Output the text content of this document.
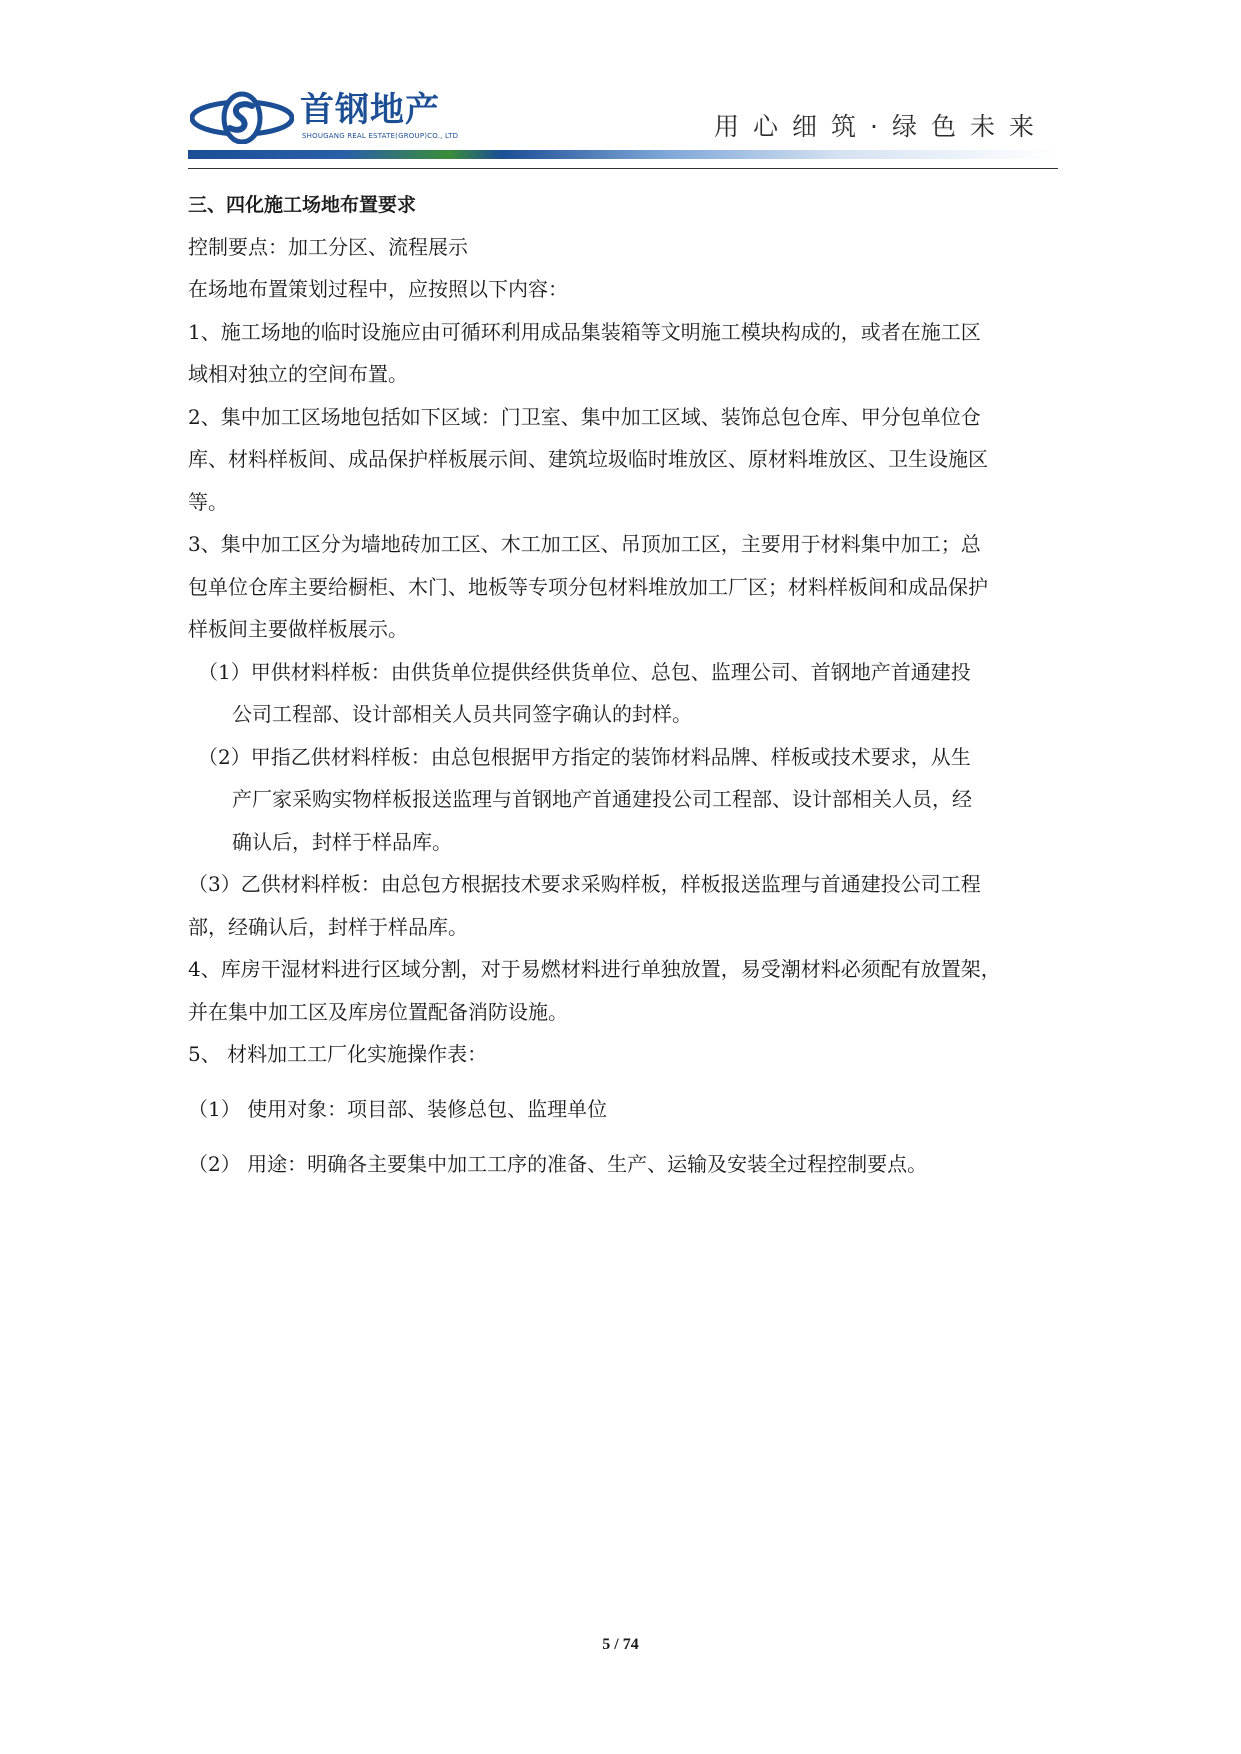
首钢地产
SHOUGANG REAL ESTATE(GROUP)CO., LTD	用心细筑·绿色未来
三、四化施工场地布置要求
控制要点：加工分区、流程展示
在场地布置策划过程中，应按照以下内容：
1、施工场地的临时设施应由可循环利用成品集装箱等文明施工模块构成的，或者在施工区
域相对独立的空间布置。
2、集中加工区场地包括如下区域：门卫室、集中加工区域、装饰总包仓库、甲分包单位仓
库、材料样板间、成品保护样板展示间、建筑垃圾临时堆放区、原材料堆放区、卫生设施区
等。
3、集中加工区分为墙地砖加工区、木工加工区、吊顶加工区，主要用于材料集中加工；总
包单位仓库主要给橱柜、木门、地板等专项分包材料堆放加工厂区；材料样板间和成品保护
样板间主要做样板展示。
（1）甲供材料样板：由供货单位提供经供货单位、总包、监理公司、首钢地产首通建投
公司工程部、设计部相关人员共同签字确认的封样。
（2）甲指乙供材料样板：由总包根据甲方指定的装饰材料品牌、样板或技术要求，从生
产厂家采购实物样板报送监理与首钢地产首通建投公司工程部、设计部相关人员，经
确认后，封样于样品库。
（3）乙供材料样板：由总包方根据技术要求采购样板，样板报送监理与首通建投公司工程
部，经确认后，封样于样品库。
4、库房干湿材料进行区域分割，对于易燃材料进行单独放置，易受潮材料必须配有放置架，
并在集中加工区及库房位置配备消防设施。
5、 材料加工工厂化实施操作表：
（1） 使用对象：项目部、装修总包、监理单位
（2） 用途：明确各主要集中加工工序的准备、生产、运输及安装全过程控制要点。
5 / 74
